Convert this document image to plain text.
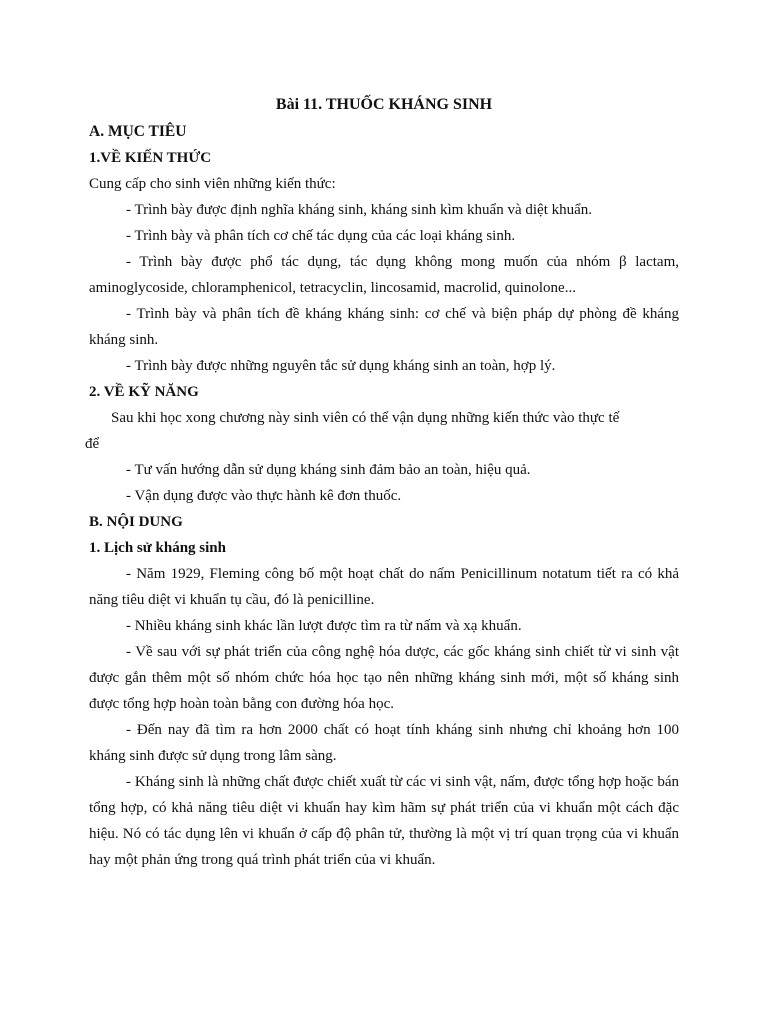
Bài 11. THUỐC KHÁNG SINH
A. MỤC TIÊU
1.VỀ KIẾN THỨC

Cung cấp cho sinh viên những kiến thức:

- Trình bày được định nghĩa kháng sinh, kháng sinh kìm khuẩn và diệt khuẩn.

- Trình bày và phân tích cơ chế tác dụng của các loại kháng sinh.

- Trình bày được phổ tác dụng, tác dụng không mong muốn của nhóm β lactam, aminoglycoside, chloramphenicol, tetracyclin, lincosamid, macrolid, quinolone...

- Trình bày và phân tích đề kháng kháng sinh: cơ chế và biện pháp dự phòng đề kháng kháng sinh.

- Trình bày được những nguyên tắc sử dụng kháng sinh an toàn, hợp lý.

2. VỀ KỸ NĂNG

Sau khi học xong chương này sinh viên có thể vận dụng những kiến thức vào thực tế

để

- Tư vấn hướng dẫn sử dụng kháng sinh đảm bảo an toàn, hiệu quả.

- Vận dụng được vào thực hành kê đơn thuốc.

B. NỘI DUNG
1. Lịch sử kháng sinh

- Năm 1929, Fleming công bố một hoạt chất do nấm Penicillinum notatum tiết ra có khả năng tiêu diệt vi khuẩn tụ cầu, đó là penicilline.

- Nhiều kháng sinh khác lần lượt được tìm ra từ nấm và xạ khuẩn.

- Về sau với sự phát triển của công nghệ hóa dược, các gốc kháng sinh chiết từ vi sinh vật được gắn thêm một số nhóm chức hóa học tạo nên những kháng sinh mới, một số kháng sinh được tổng hợp hoàn toàn bằng con đường hóa học.

- Đến nay đã tìm ra hơn 2000 chất có hoạt tính kháng sinh nhưng chỉ khoảng hơn 100 kháng sinh được sử dụng trong lâm sàng.

- Kháng sinh là những chất được chiết xuất từ các vi sinh vật, nấm, được tổng hợp hoặc bán tổng hợp, có khả năng tiêu diệt vi khuẩn hay kìm hãm sự phát triển của vi khuẩn một cách đặc hiệu. Nó có tác dụng lên vi khuẩn ở cấp độ phân tử, thường là một vị trí quan trọng của vi khuẩn hay một phản ứng trong quá trình phát triển của vi khuẩn.
